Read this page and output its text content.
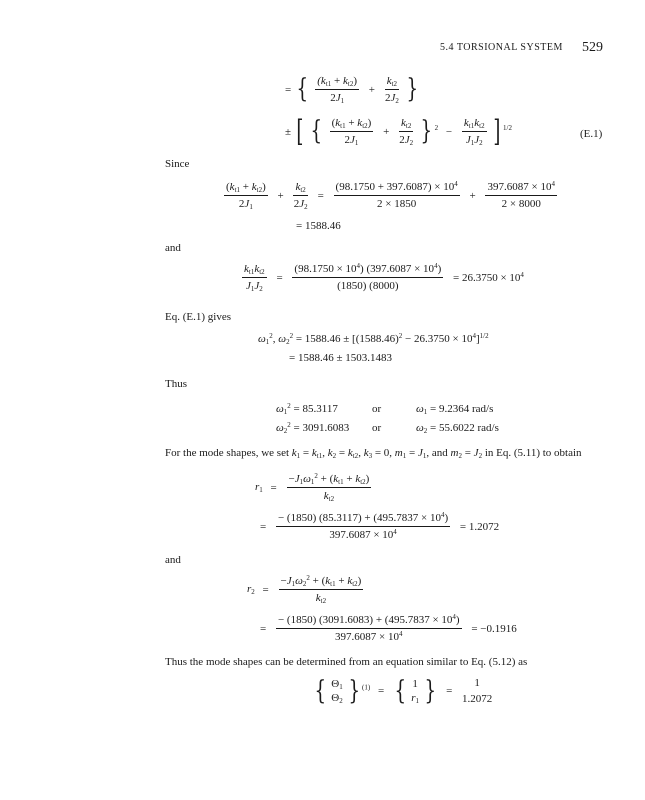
5.4 TORSIONAL SYSTEM 529
= { $\frac{(k_{t1} + k_{t2})}{2J_1} + \frac{k_{t2}}{2J_2}$ }
± [ { $\frac{(k_{t1} + k_{t2})}{2J_1} + \frac{k_{t2}}{2J_2}$ } $^2 - \frac{k_{t1}k_{t2}}{J_1J_2}$ ] $^{1/2}$	(E.1)
Since
$\frac{(k_{t1} + k_{t2})}{2J_1} + \frac{k_{t2}}{2J_2} = \frac{(98.1750 + 397.6087) \times 10^4}{2 \times 1850} + \frac{397.6087 \times 10^4}{2 \times 8000}$
= 1588.46
and
$\frac{k_{t1}k_{t2}}{J_1J_2} = \frac{(98.1750 \times 10^4) (397.6087 \times 10^4)}{(1850) (8000)} = 26.3750 \times 10^4$
Eq. (E.1) gives
$\omega_1^2$, $\omega_2^2 = 1588.46 \pm [(1588.46)^2 - 26.3750 \times 10^4]^{1/2}$
= 1588.46 ± 1503.1483
Thus
$\omega_1^2 = 85.3117$	or	$\omega_1 = 9.2364$ rad/s
$\omega_2^2 = 3091.6083$ or	$\omega_2 = 55.6022$ rad/s
For the mode shapes, we set $k_1 = k_{t1}$, $k_2 = k_{t2}$, $k_3 = 0$, $m_1 = J_1$, and $m_2 = J_2$ in Eq. (5.11) to obtain
$r_1 = \frac{-J_1\omega_1^2 + (k_{t1} + k_{t2})}{k_{t2}}$
= $\frac{- (1850) (85.3117) + (495.7837 \times 10^4)}{397.6087 \times 10^4} = 1.2072$
and
$r_2 = \frac{-J_1\omega_2^2 + (k_{t1} + k_{t2})}{k_{t2}}$
= $\frac{- (1850) (3091.6083) + (495.7837 \times 10^4)}{397.6087 \times 10^4} = -0.1916$
Thus the mode shapes can be determined from an equation similar to Eq. (5.12) as
{ $\Theta_1$
$\Theta_2$ } $^{(1)}$ = { 1
$r_1$ } =
1
1.2072
